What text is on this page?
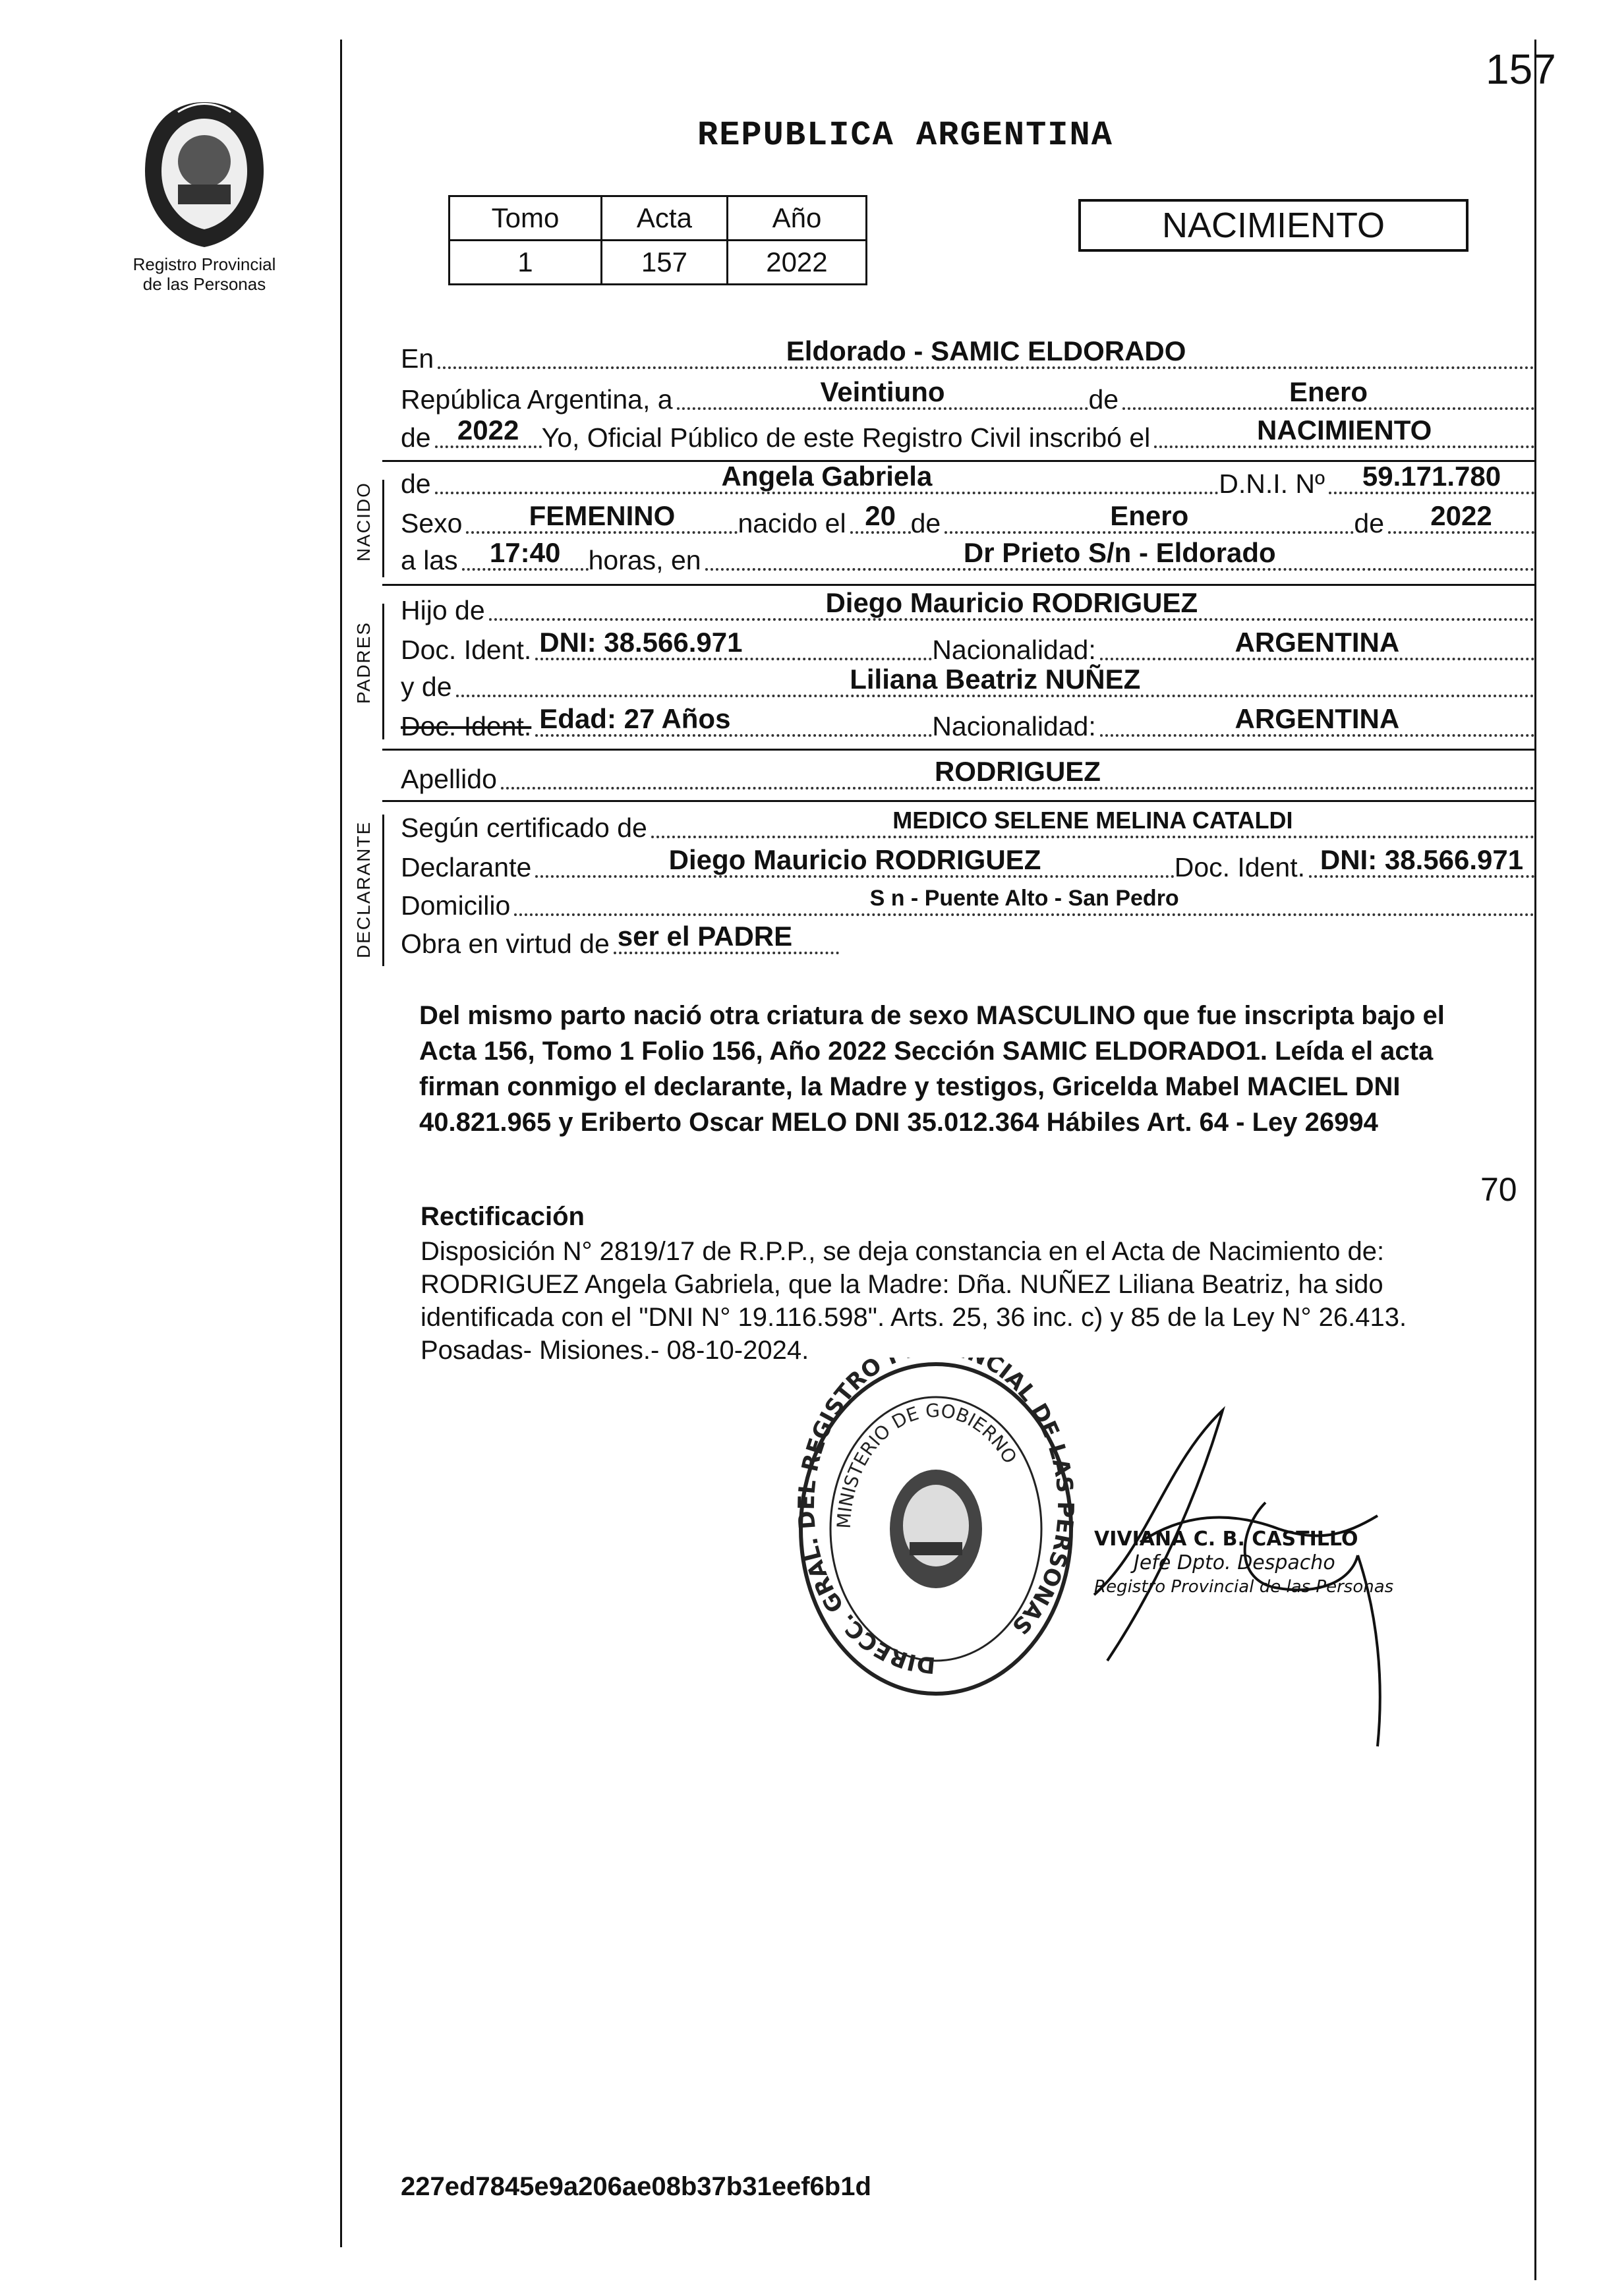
157
Registro Provincial
de las Personas
REPUBLICA ARGENTINA
Tomo	Acta	Año
1	157	2022
NACIMIENTO
En	Eldorado - SAMIC ELDORADO
República Argentina, a	Veintiuno	de	Enero
de 2022 Yo, Oficial Público de este Registro Civil inscribó el	NACIMIENTO
NACIDO de	Angela Gabriela	D.N.I. Nº	59.171.780
Sexo	FEMENINO	nacido el 20 de	Enero	de	2022
a las	17:40	horas, en	Dr Prieto S/n - Eldorado
PADRES
Hijo de	Diego Mauricio RODRIGUEZ
Doc. Ident. DNI: 38.566.971	Nacionalidad:	ARGENTINA
y de	Liliana Beatriz NUÑEZ
Doc. Ident. Edad: 27 Años	Nacionalidad:	ARGENTINA
Apellido	RODRIGUEZ
DECLARANTE Según certificado de	MEDICO SELENE MELINA CATALDI
Declarante	Diego Mauricio RODRIGUEZ	Doc. Ident. DNI: 38.566.971
Domicilio	S n - Puente Alto - San Pedro
Obra en virtud de ser el PADRE
Del mismo parto nació otra criatura de sexo MASCULINO que fue inscripta bajo el
Acta 156, Tomo 1 Folio 156, Año 2022 Sección SAMIC ELDORADO1. Leída el acta
firman conmigo el declarante, la Madre y testigos, Gricelda Mabel MACIEL DNI
40.821.965 y Eriberto Oscar MELO DNI 35.012.364 Hábiles Art. 64 - Ley 26994
70
Rectificación
Disposición N° 2819/17 de R.P.P., se deja constancia en el Acta de Nacimiento de:
RODRIGUEZ Angela Gabriela, que la Madre: Dña. NUÑEZ Liliana Beatriz, ha sido
identificada con el "DNI N° 19.116.598". Arts. 25, 36 inc. c) y 85 de la Ley N° 26.413.
Posadas- Misiones.- 08-10-2024.
DIRECC. GRAL. DEL REGISTRO CIAL DE LAS PERSONAS
MINISTERIO DE GOBIERNO
VIVIANA C. B. CASTILLO
Jefe Dpto. Despacho
Registro Provincial de las Personas
227ed7845e9a206ae08b37b31eef6b1d
